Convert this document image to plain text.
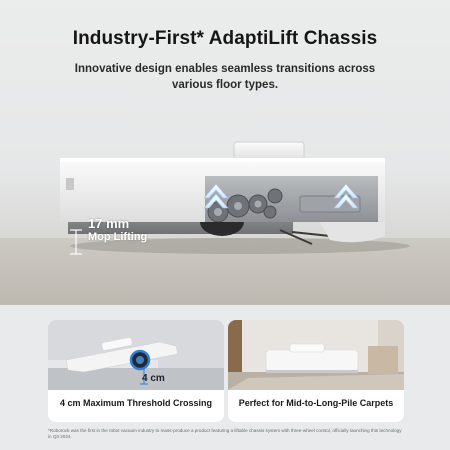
Industry-First* AdaptiLift Chassis
Innovative design enables seamless transitions across various floor types.
17 mm
Mop Lifting
4 cm
4 cm Maximum Threshold Crossing	Perfect for Mid-to-Long-Pile Carpets
*Roborock was the first in the robot vacuum industry to mass-produce a product featuring a liftable chassis system with three-wheel control, officially launching this technology in Q3 2024.
